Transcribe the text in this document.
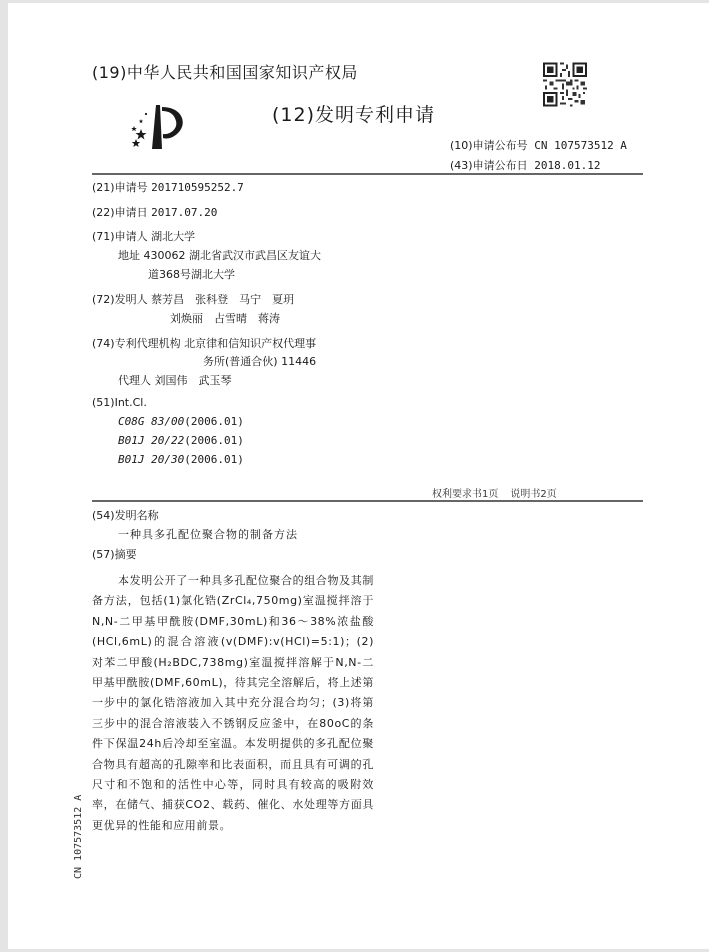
(19)中华人民共和国国家知识产权局
(12)发明专利申请
(10)申请公布号 CN 107573512 A
(43)申请公布日 2018.01.12
(21)申请号 201710595252.7
(22)申请日 2017.07.20
(71)申请人 湖北大学
地址 430062 湖北省武汉市武昌区友谊大
道368号湖北大学
(72)发明人 蔡芳昌　张科登　马宁　夏玥
刘焕丽　占雪晴　蒋涛
(74)专利代理机构 北京律和信知识产权代理事
务所(普通合伙) 11446
代理人 刘国伟　武玉琴
(51)Int.Cl.
C08G 83/00(2006.01)
B01J 20/22(2006.01)
B01J 20/30(2006.01)
权利要求书1页 说明书2页
(54)发明名称
一种具多孔配位聚合物的制备方法
(57)摘要
本发明公开了一种具多孔配位聚合的组合物及其制备方法，包括(1)氯化锆(ZrCl₄,750mg)室温搅拌溶于N,N-二甲基甲酰胺(DMF,30mL)和36～38%浓盐酸(HCl,6mL)的混合溶液(v(DMF):v(HCl)=5:1)；(2)对苯二甲酸(H₂BDC,738mg)室温搅拌溶解于N,N-二甲基甲酰胺(DMF,60mL)，待其完全溶解后，将上述第一步中的氯化锆溶液加入其中充分混合均匀；(3)将第三步中的混合溶液装入不锈钢反应釜中，在80oC的条件下保温24h后冷却至室温。本发明提供的多孔配位聚合物具有超高的孔隙率和比表面积，而且具有可调的孔尺寸和不饱和的活性中心等，同时具有较高的吸附效率，在储气、捕获CO2、载药、催化、水处理等方面具更优异的性能和应用前景。
CN 107573512 A
